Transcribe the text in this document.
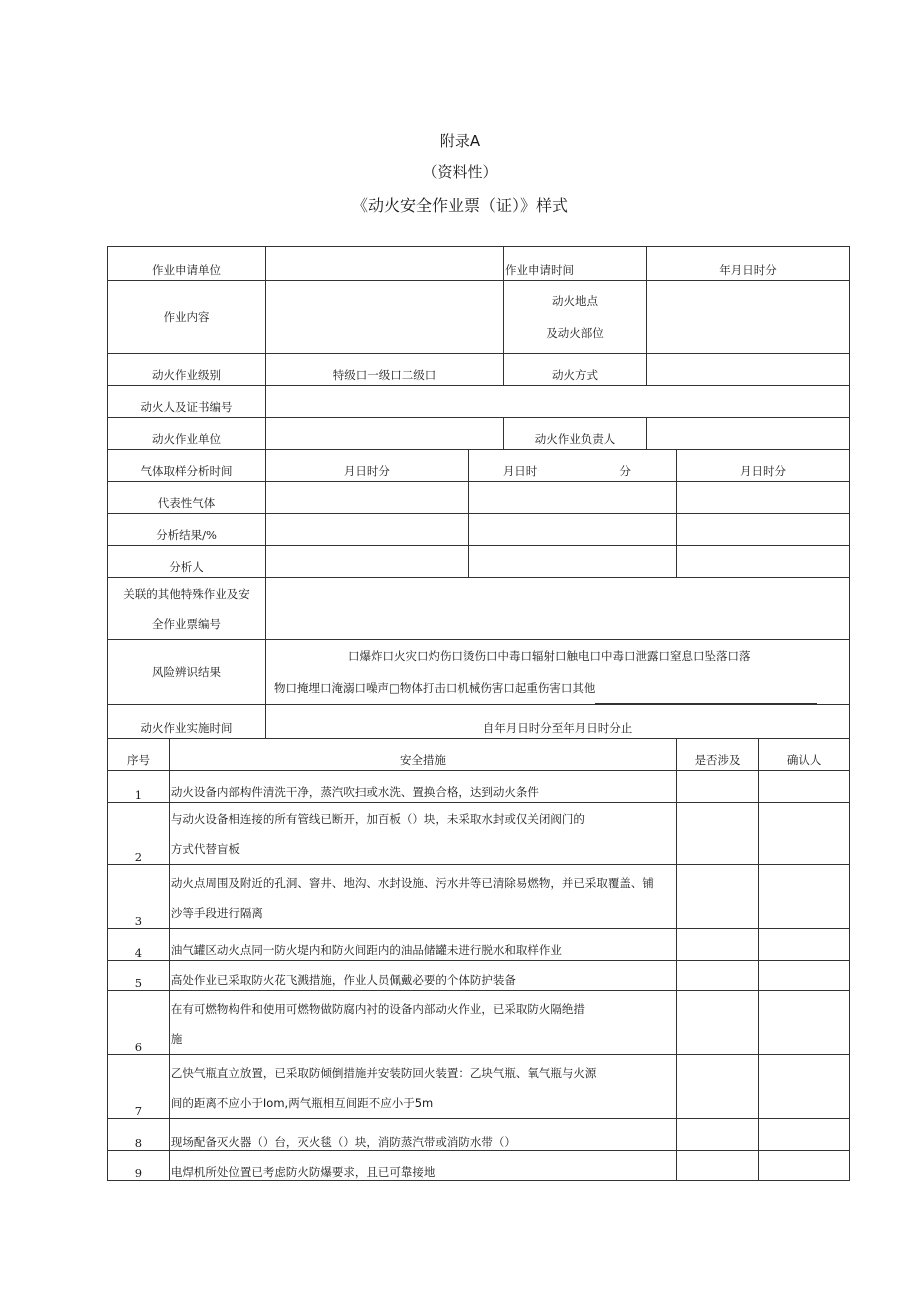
附录A
（资料性）
《动火安全作业票（证）》样式
作业申请单位				作业申请时间	年月日时分		
作业内容				动火地点
及动火部位			

动火作业级别		特级口一级口二级口		动火方式			
动火人及证书编号							
动火作业单位				动火作业负责人			
气体取样分析时间		月日时分	月日时 分			月日时分	
代表性气体							
分析结果/%							
分析人							

关联的其他特殊作业及安
全作业票编号							

风险辨识结果		口爆炸口火灾口灼伤口烫伤口中毒口辐射口触电口中毒口泄露口窒息口坠落口落
物口掩埋口淹溺口噪声□物体打击口机械伤害口起重伤害口其他					

动火作业实施时间		自年月日时分至年月日时分止					
序号	安全措施					是否涉及	确认人
1	动火设备内部构件清洗干净，蒸汽吹扫或水洗、置换合格，达到动火条件						
2	与动火设备相连接的所有管线已断开，加百板（）块，未采取水封或仅关闭阀门的
方式代替盲板						

3	动火点周围及附近的孔洞、窨井、地沟、水封设施、污水井等已清除易燃物，并已采取覆盖、铺
沙等手段进行隔离						

4	油气罐区动火点同一防火堤内和防火间距内的油品储罐未进行脱水和取样作业						
5	高处作业已采取防火花飞溅措施，作业人员佩戴必要的个体防护装备						
6	在有可燃物构件和使用可燃物做防腐内衬的设备内部动火作业，已采取防火隔绝措
施						

7	乙快气瓶直立放置，已采取防倾倒措施并安装防回火装置：乙块气瓶、氧气瓶与火源
间的距离不应小于Iom,两气瓶相互间距不应小于5m						

8	现场配备灭火器（）台，灭火毯（）块，消防蒸汽带或消防水带（）						
9	电焊机所处位置已考虑防火防爆要求，且已可靠接地						
